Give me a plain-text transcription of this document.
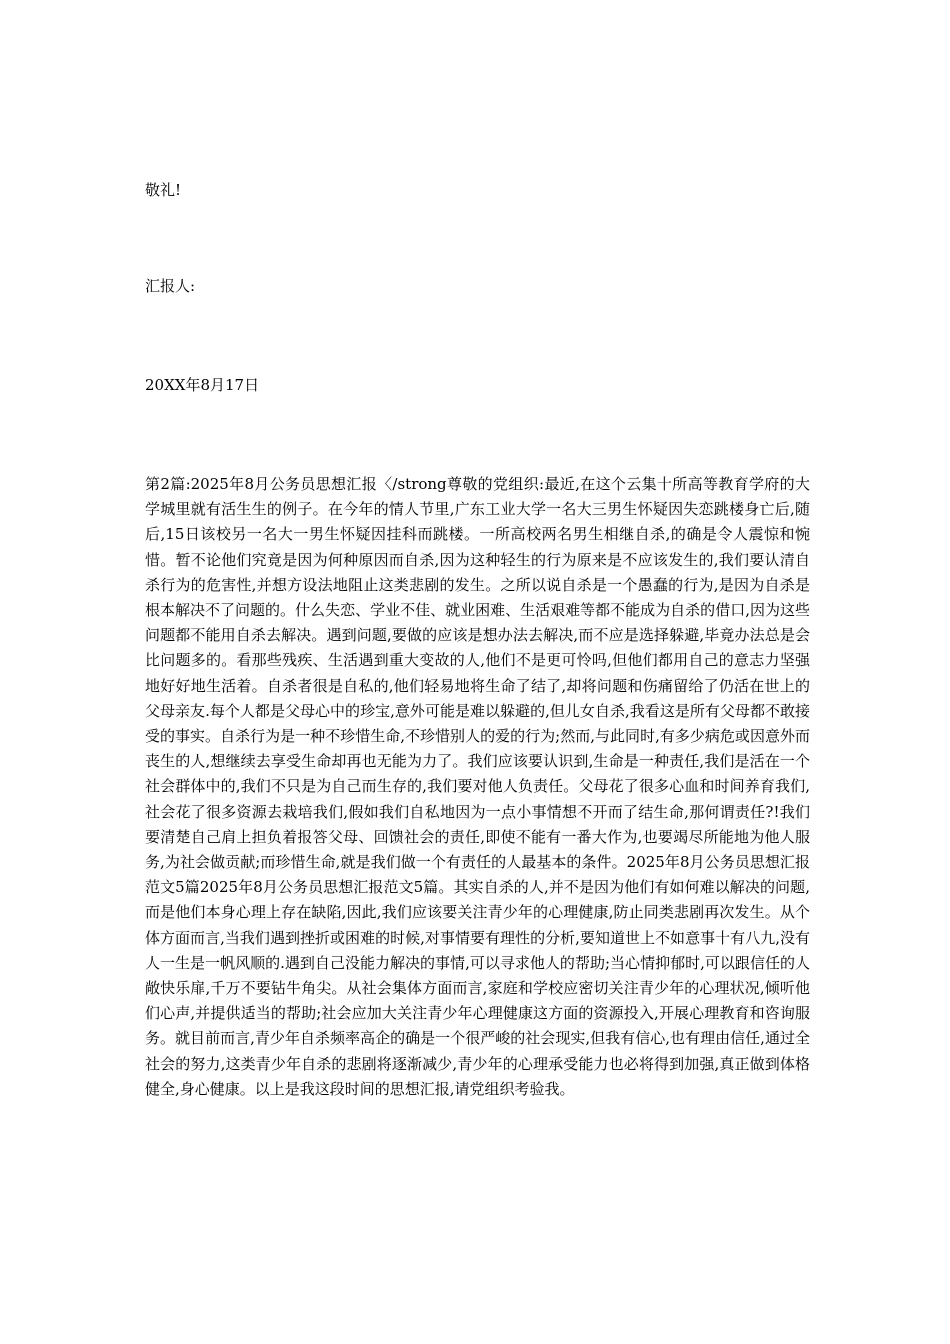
敬礼!
汇报人:
20XX年8月17日
第2篇:2025年8月公务员思想汇报〈/strong尊敬的党组织:最近,在这个云集十所高等教育学府的大学城里就有活生生的例子。在今年的情人节里,广东工业大学一名大三男生怀疑因失恋跳楼身亡后,随后,15日该校另一名大一男生怀疑因挂科而跳楼。一所高校两名男生相继自杀,的确是令人震惊和惋惜。暂不论他们究竟是因为何种原因而自杀,因为这种轻生的行为原来是不应该发生的,我们要认清自杀行为的危害性,并想方设法地阻止这类悲剧的发生。之所以说自杀是一个愚蠢的行为,是因为自杀是根本解决不了问题的。什么失恋、学业不佳、就业困难、生活艰难等都不能成为自杀的借口,因为这些问题都不能用自杀去解决。遇到问题,要做的应该是想办法去解决,而不应是选择躲避,毕竟办法总是会比问题多的。看那些残疾、生活遇到重大变故的人,他们不是更可怜吗,但他们都用自己的意志力坚强地好好地生活着。自杀者很是自私的,他们轻易地将生命了结了,却将问题和伤痛留给了仍活在世上的父母亲友.每个人都是父母心中的珍宝,意外可能是难以躲避的,但儿女自杀,我看这是所有父母都不敢接受的事实。自杀行为是一种不珍惜生命,不珍惜别人的爱的行为;然而,与此同时,有多少病危或因意外而丧生的人,想继续去享受生命却再也无能为力了。我们应该要认识到,生命是一种责任,我们是活在一个社会群体中的,我们不只是为自己而生存的,我们要对他人负责任。父母花了很多心血和时间养育我们,社会花了很多资源去栽培我们,假如我们自私地因为一点小事情想不开而了结生命,那何谓责任?!我们要清楚自己肩上担负着报答父母、回馈社会的责任,即使不能有一番大作为,也要竭尽所能地为他人服务,为社会做贡献;而珍惜生命,就是我们做一个有责任的人最基本的条件。2025年8月公务员思想汇报范文5篇2025年8月公务员思想汇报范文5篇。其实自杀的人,并不是因为他们有如何难以解决的问题,而是他们本身心理上存在缺陷,因此,我们应该要关注青少年的心理健康,防止同类悲剧再次发生。从个体方面而言,当我们遇到挫折或困难的时候,对事情要有理性的分析,要知道世上不如意事十有八九,没有人一生是一帆风顺的.遇到自己没能力解决的事情,可以寻求他人的帮助;当心情抑郁时,可以跟信任的人敞快乐扉,千万不要钻牛角尖。从社会集体方面而言,家庭和学校应密切关注青少年的心理状况,倾听他们心声,并提供适当的帮助;社会应加大关注青少年心理健康这方面的资源投入,开展心理教育和咨询服务。就目前而言,青少年自杀频率高企的确是一个很严峻的社会现实,但我有信心,也有理由信任,通过全社会的努力,这类青少年自杀的悲剧将逐渐减少,青少年的心理承受能力也必将得到加强,真正做到体格健全,身心健康。以上是我这段时间的思想汇报,请党组织考验我。
